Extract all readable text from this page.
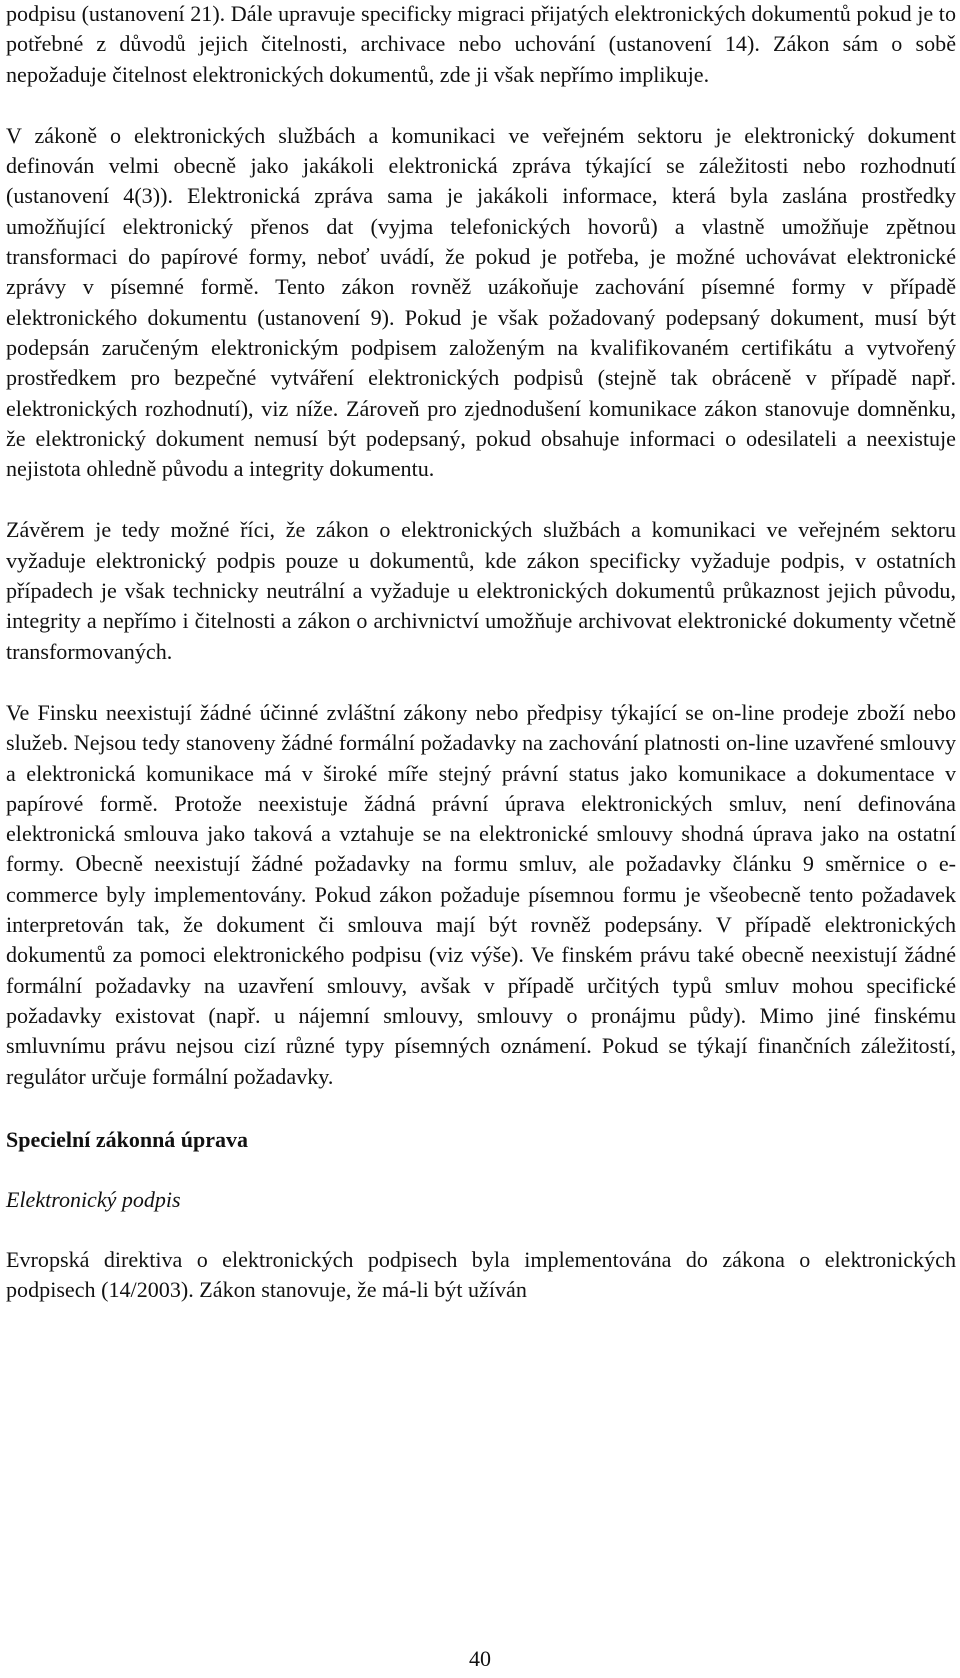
podpisu (ustanovení 21). Dále upravuje specificky migraci přijatých elektronických dokumentů pokud je to potřebné z důvodů jejich čitelnosti, archivace nebo uchování (ustanovení 14). Zákon sám o sobě nepožaduje čitelnost elektronických dokumentů, zde ji však nepřímo implikuje.

V zákoně o elektronických službách a komunikaci ve veřejném sektoru je elektronický dokument definován velmi obecně jako jakákoli elektronická zpráva týkající se záležitosti nebo rozhodnutí (ustanovení 4(3)). Elektronická zpráva sama je jakákoli informace, která byla zaslána prostředky umožňující elektronický přenos dat (vyjma telefonických hovorů) a vlastně umožňuje zpětnou transformaci do papírové formy, neboť uvádí, že pokud je potřeba, je možné uchovávat elektronické zprávy v písemné formě. Tento zákon rovněž uzákoňuje zachování písemné formy v případě elektronického dokumentu (ustanovení 9). Pokud je však požadovaný podepsaný dokument, musí být podepsán zaručeným elektronickým podpisem založeným na kvalifikovaném certifikátu a vytvořený prostředkem pro bezpečné vytváření elektronických podpisů (stejně tak obráceně v případě např. elektronických rozhodnutí), viz níže. Zároveň pro zjednodušení komunikace zákon stanovuje domněnku, že elektronický dokument nemusí být podepsaný, pokud obsahuje informaci o odesilateli a neexistuje nejistota ohledně původu a integrity dokumentu.

Závěrem je tedy možné říci, že zákon o elektronických službách a komunikaci ve veřejném sektoru vyžaduje elektronický podpis pouze u dokumentů, kde zákon specificky vyžaduje podpis, v ostatních případech je však technicky neutrální a vyžaduje u elektronických dokumentů průkaznost jejich původu, integrity a nepřímo i čitelnosti a zákon o archivnictví umožňuje archivovat elektronické dokumenty včetně transformovaných.

Ve Finsku neexistují žádné účinné zvláštní zákony nebo předpisy týkající se on-line prodeje zboží nebo služeb. Nejsou tedy stanoveny žádné formální požadavky na zachování platnosti on-line uzavřené smlouvy a elektronická komunikace má v široké míře stejný právní status jako komunikace a dokumentace v papírové formě. Protože neexistuje žádná právní úprava elektronických smluv, není definována elektronická smlouva jako taková a vztahuje se na elektronické smlouvy shodná úprava jako na ostatní formy. Obecně neexistují žádné požadavky na formu smluv, ale požadavky článku 9 směrnice o e-commerce byly implementovány. Pokud zákon požaduje písemnou formu je všeobecně tento požadavek interpretován tak, že dokument či smlouva mají být rovněž podepsány. V případě elektronických dokumentů za pomoci elektronického podpisu (viz výše). Ve finském právu také obecně neexistují žádné formální požadavky na uzavření smlouvy, avšak v případě určitých typů smluv mohou specifické požadavky existovat (např. u nájemní smlouvy, smlouvy o pronájmu půdy). Mimo jiné finskému smluvnímu právu nejsou cizí různé typy písemných oznámení. Pokud se týkají finančních záležitostí, regulátor určuje formální požadavky.

Specielní zákonná úprava

Elektronický podpis

Evropská direktiva o elektronických podpisech byla implementována do zákona o elektronických podpisech (14/2003). Zákon stanovuje, že má-li být užíván

40
